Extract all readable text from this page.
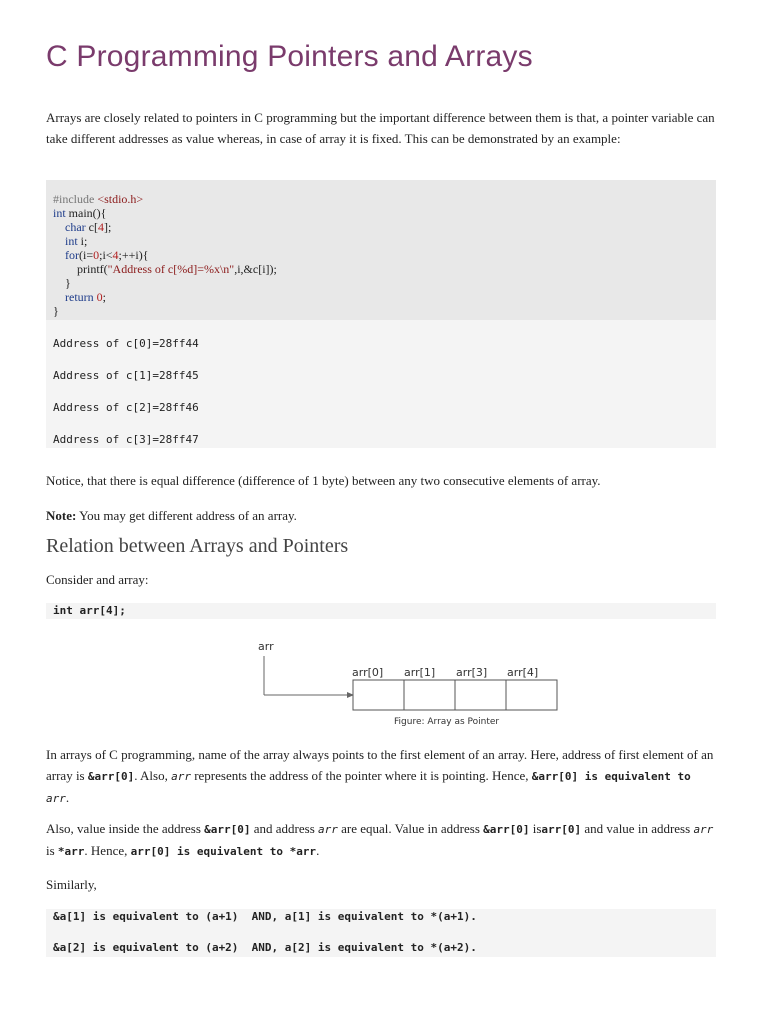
C Programming Pointers and Arrays

Arrays are closely related to pointers in C programming but the important difference between them is that, a pointer variable can take different addresses as value whereas, in case of array it is fixed. This can be demonstrated by an example:

#include <stdio.h>
int main(){
char c[4];
int i;
for(i=0;i<4;++i){
printf("Address of c[%d]=%x\n",i,&c[i]);
}
return 0;
}
Address of c[0]=28ff44
Address of c[1]=28ff45
Address of c[2]=28ff46
Address of c[3]=28ff47

Notice, that there is equal difference (difference of 1 byte) between any two consecutive elements of array.

Note: You may get different address of an array.

Relation between Arrays and Pointers

Consider and array:

int arr[4];
arr
arr[0] arr[1] arr[3] arr[4]
Figure: Array as Pointer

In arrays of C programming, name of the array always points to the first element of an array. Here, address of first element of an array is &arr[0]. Also, arr represents the address of the pointer where it is pointing. Hence, &arr[0] is equivalent to arr.

Also, value inside the address &arr[0] and address arr are equal. Value in address &arr[0] isarr[0] and value in address arr is *arr. Hence, arr[0] is equivalent to *arr.

Similarly,

&a[1] is equivalent to (a+1)  AND, a[1] is equivalent to *(a+1).
&a[2] is equivalent to (a+2)  AND, a[2] is equivalent to *(a+2).
